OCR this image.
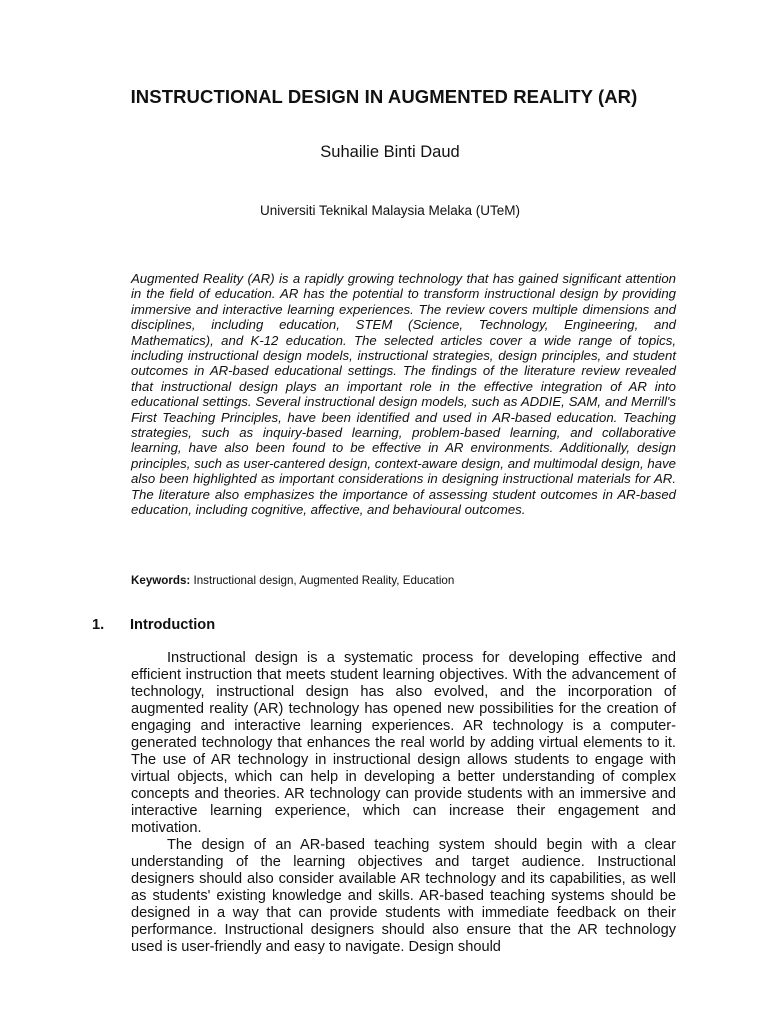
INSTRUCTIONAL DESIGN IN AUGMENTED REALITY (AR)
Suhailie Binti Daud
Universiti Teknikal Malaysia Melaka (UTeM)

Augmented Reality (AR) is a rapidly growing technology that has gained significant attention in the field of education. AR has the potential to transform instructional design by providing immersive and interactive learning experiences. The review covers multiple dimensions and disciplines, including education, STEM (Science, Technology, Engineering, and Mathematics), and K-12 education. The selected articles cover a wide range of topics, including instructional design models, instructional strategies, design principles, and student outcomes in AR-based educational settings. The findings of the literature review revealed that instructional design plays an important role in the effective integration of AR into educational settings. Several instructional design models, such as ADDIE, SAM, and Merrill's First Teaching Principles, have been identified and used in AR-based education. Teaching strategies, such as inquiry-based learning, problem-based learning, and collaborative learning, have also been found to be effective in AR environments. Additionally, design principles, such as user-cantered design, context-aware design, and multimodal design, have also been highlighted as important considerations in designing instructional materials for AR. The literature also emphasizes the importance of assessing student outcomes in AR-based education, including cognitive, affective, and behavioural outcomes.

Keywords: Instructional design, Augmented Reality, Education

1. Introduction

Instructional design is a systematic process for developing effective and efficient instruction that meets student learning objectives. With the advancement of technology, instructional design has also evolved, and the incorporation of augmented reality (AR) technology has opened new possibilities for the creation of engaging and interactive learning experiences. AR technology is a computer-generated technology that enhances the real world by adding virtual elements to it. The use of AR technology in instructional design allows students to engage with virtual objects, which can help in developing a better understanding of complex concepts and theories. AR technology can provide students with an immersive and interactive learning experience, which can increase their engagement and motivation.

The design of an AR-based teaching system should begin with a clear understanding of the learning objectives and target audience. Instructional designers should also consider available AR technology and its capabilities, as well as students' existing knowledge and skills. AR-based teaching systems should be designed in a way that can provide students with immediate feedback on their performance. Instructional designers should also ensure that the AR technology used is user-friendly and easy to navigate. Design should
